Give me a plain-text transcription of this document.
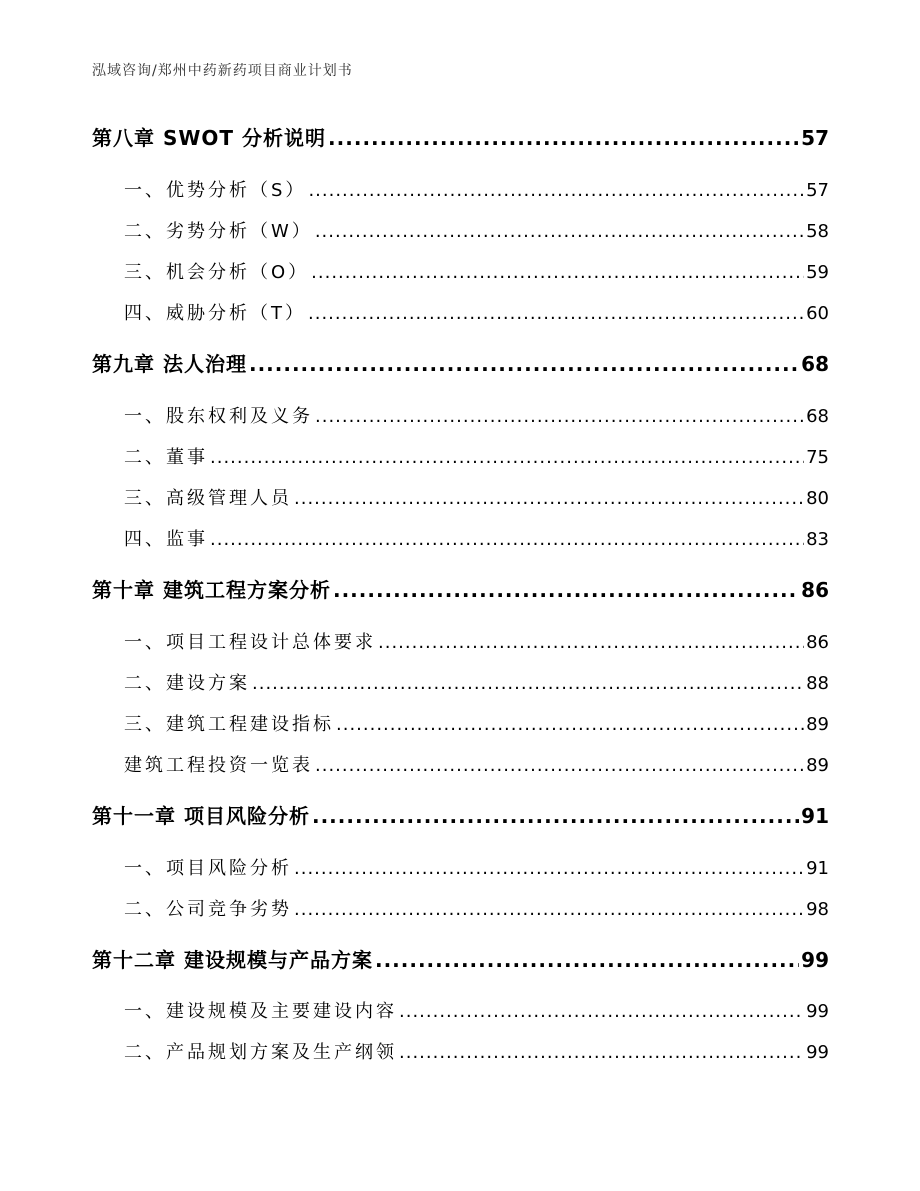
泓域咨询/郑州中药新药项目商业计划书
第八章 SWOT 分析说明 .....	57
一、 优势分析（S） .....	57
二、 劣势分析（W） .....	58
三、 机会分析（O） .....	59
四、 威胁分析（T） .....	60
第九章 法人治理 .....	68
一、 股东权利及义务 .....	68
二、 董事 .....	75
三、 高级管理人员 .....	80
四、 监事 .....	83
第十章 建筑工程方案分析 .....	86
一、 项目工程设计总体要求 .....	86
二、 建设方案 .....	88
三、 建筑工程建设指标 .....	89
建筑工程投资一览表 .....	89
第十一章 项目风险分析 .....	91
一、 项目风险分析 .....	91
二、 公司竞争劣势 .....	98
第十二章 建设规模与产品方案 .....	99
一、 建设规模及主要建设内容 .....	99
二、 产品规划方案及生产纲领 .....	99
